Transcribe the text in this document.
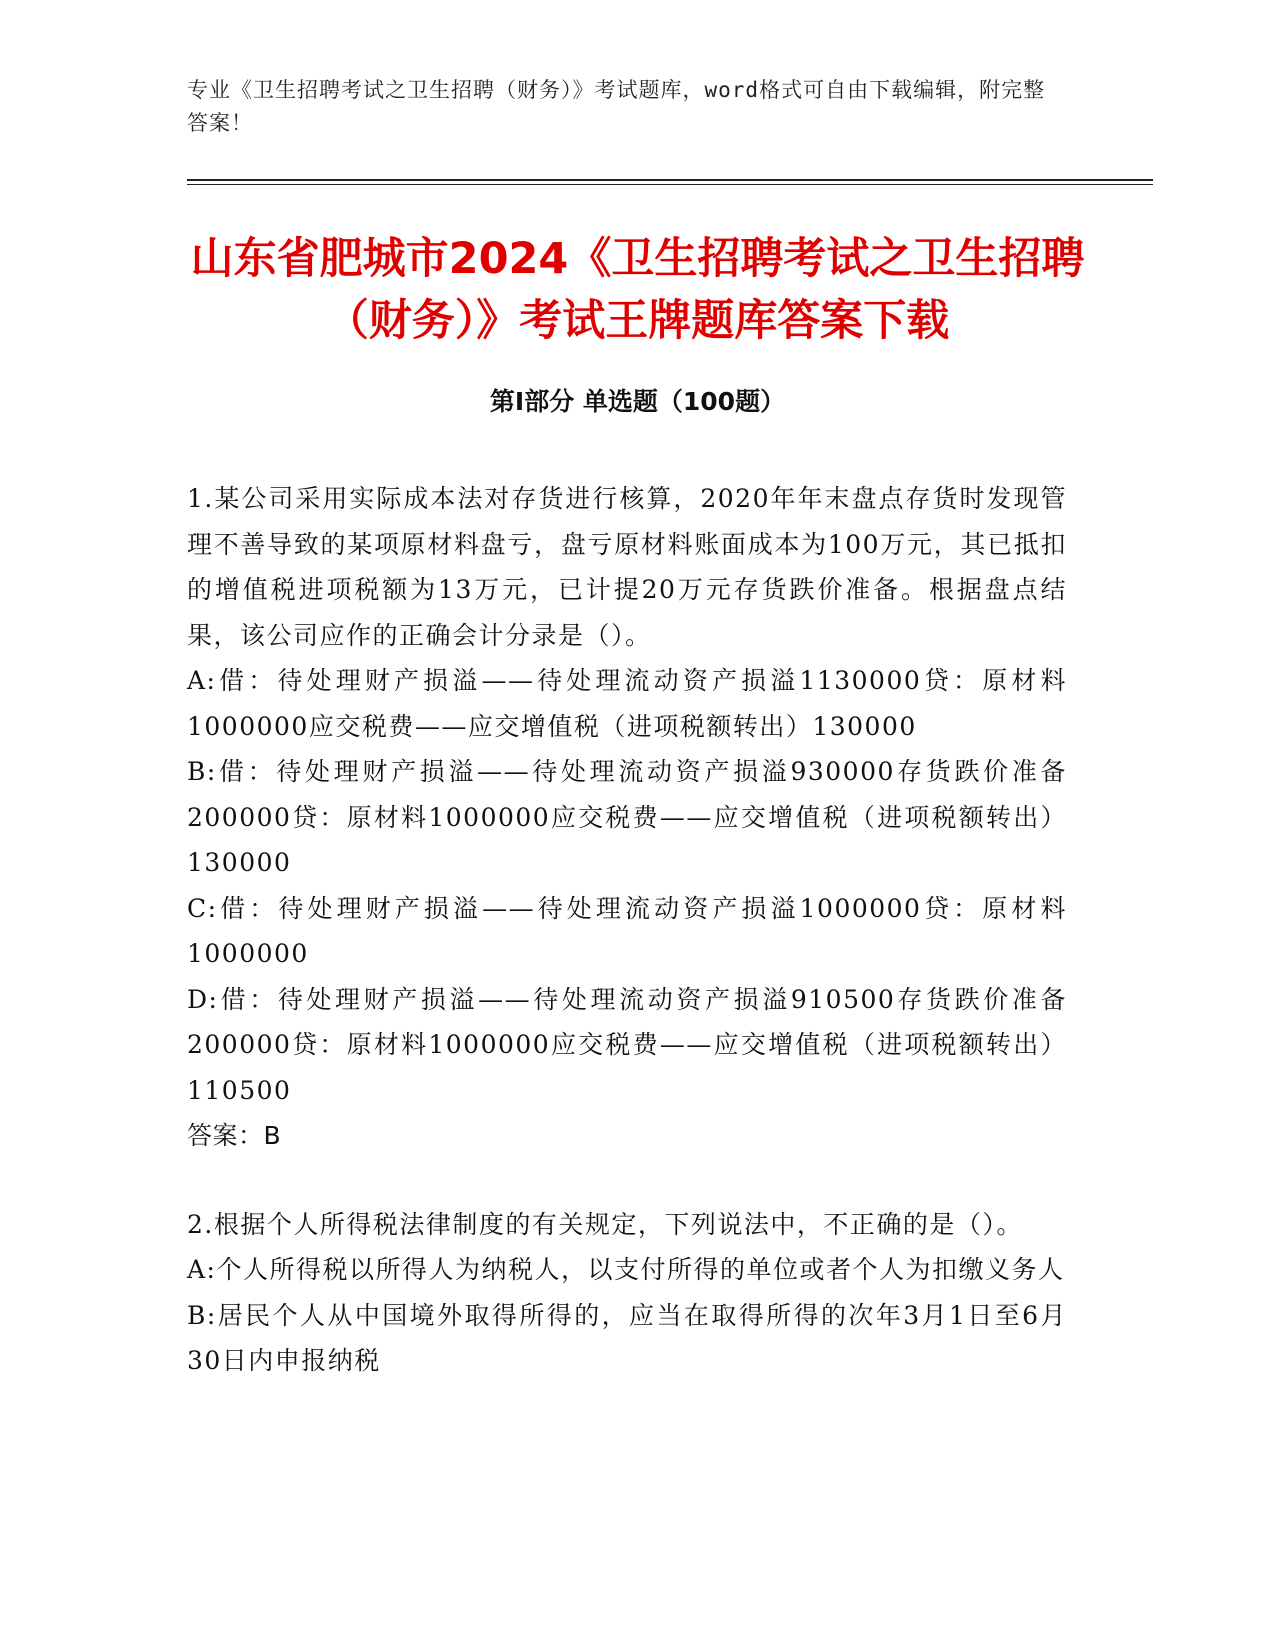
专业《卫生招聘考试之卫生招聘（财务）》考试题库，word格式可自由下载编辑，附完整答案！
山东省肥城市2024《卫生招聘考试之卫生招聘（财务）》考试王牌题库答案下载
第Ⅰ部分 单选题（100题）

1.某公司采用实际成本法对存货进行核算，2020年年末盘点存货时发现管理不善导致的某项原材料盘亏，盘亏原材料账面成本为100万元，其已抵扣的增值税进项税额为13万元，已计提20万元存货跌价准备。根据盘点结果，该公司应作的正确会计分录是（）。

A:借：待处理财产损溢——待处理流动资产损溢1130000贷：原材料1000000应交税费——应交增值税（进项税额转出）130000

B:借：待处理财产损溢——待处理流动资产损溢930000存货跌价准备200000贷：原材料1000000应交税费——应交增值税（进项税额转出）130000

C:借：待处理财产损溢——待处理流动资产损溢1000000贷：原材料1000000

D:借：待处理财产损溢——待处理流动资产损溢910500存货跌价准备200000贷：原材料1000000应交税费——应交增值税（进项税额转出）110500

答案：B

2.根据个人所得税法律制度的有关规定，下列说法中，不正确的是（）。

A:个人所得税以所得人为纳税人，以支付所得的单位或者个人为扣缴义务人

B:居民个人从中国境外取得所得的，应当在取得所得的次年3月1日至6月30日内申报纳税
